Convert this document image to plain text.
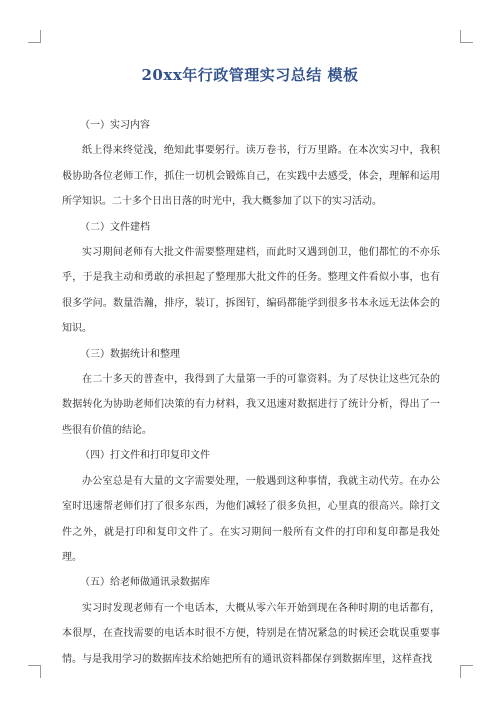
20xx年行政管理实习总结 模板

（一）实习内容

纸上得来终觉浅，绝知此事要躬行。读万卷书，行万里路。在本次实习中，我积极协助各位老师工作，抓住一切机会锻炼自己，在实践中去感受，体会，理解和运用所学知识。二十多个日出日落的时光中，我大概参加了以下的实习活动。

（二）文件建档

实习期间老师有大批文件需要整理建档，而此时又遇到创卫，他们都忙的不亦乐乎，于是我主动和勇敢的承担起了整理那大批文件的任务。整理文件看似小事，也有很多学问。数量浩瀚，排序，装订，拆图钉，编码都能学到很多书本永远无法体会的知识。

（三）数据统计和整理

在二十多天的普查中，我得到了大量第一手的可靠资料。为了尽快让这些冗杂的数据转化为协助老师们决策的有力材料，我又迅速对数据进行了统计分析，得出了一些很有价值的结论。

（四）打文件和打印复印文件

办公室总是有大量的文字需要处理，一般遇到这种事情，我就主动代劳。在办公室时迅速帮老师们打了很多东西，为他们减轻了很多负担，心里真的很高兴。除打文件之外，就是打印和复印文件了。在实习期间一般所有文件的打印和复印都是我处理。

（五）给老师做通讯录数据库

实习时发现老师有一个电话本，大概从零六年开始到现在各种时期的电话都有，本很厚，在查找需要的电话本时很不方便，特别是在情况紧急的时候还会耽误重要事情。与是我用学习的数据库技术给她把所有的通讯资料都保存到数据库里，这样查找
